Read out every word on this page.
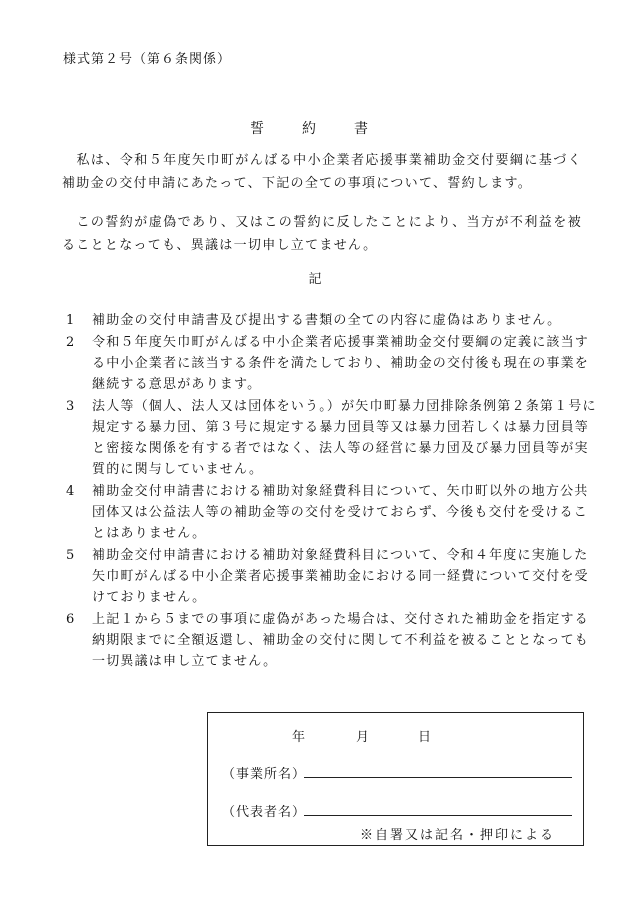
様式第２号（第６条関係）
誓　約　書
　私は、令和５年度矢巾町がんばる中小企業者応援事業補助金交付要綱に基づく補助金の交付申請にあたって、下記の全ての事項について、誓約します。
　この誓約が虚偽であり、又はこの誓約に反したことにより、当方が不利益を被ることとなっても、異議は一切申し立てません。
記
1	補助金の交付申請書及び提出する書類の全ての内容に虚偽はありません。
2	令和５年度矢巾町がんばる中小企業者応援事業補助金交付要綱の定義に該当する中小企業者に該当する条件を満たしており、補助金の交付後も現在の事業を継続する意思があります。
3	法人等（個人、法人又は団体をいう。）が矢巾町暴力団排除条例第２条第１号に規定する暴力団、第３号に規定する暴力団員等又は暴力団若しくは暴力団員等と密接な関係を有する者ではなく、法人等の経営に暴力団及び暴力団員等が実質的に関与していません。
4	補助金交付申請書における補助対象経費科目について、矢巾町以外の地方公共団体又は公益法人等の補助金等の交付を受けておらず、今後も交付を受けることはありません。
5	補助金交付申請書における補助対象経費科目について、令和４年度に実施した矢巾町がんばる中小企業者応援事業補助金における同一経費について交付を受けておりません。
6	上記１から５までの事項に虚偽があった場合は、交付された補助金を指定する納期限までに全額返還し、補助金の交付に関して不利益を被ることとなっても一切異議は申し立てません。
年	月	日
（事業所名）
（代表者名）
※自署又は記名・押印による
